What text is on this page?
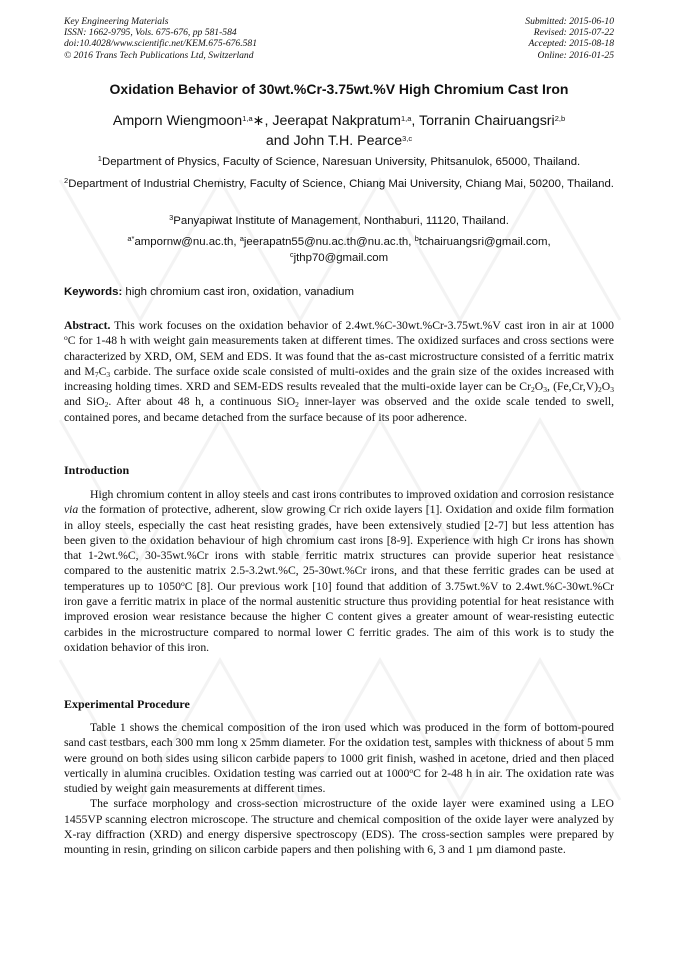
Key Engineering Materials
ISSN: 1662-9795, Vols. 675-676, pp 581-584
doi:10.4028/www.scientific.net/KEM.675-676.581
© 2016 Trans Tech Publications Ltd, Switzerland
Submitted: 2015-06-10
Revised: 2015-07-22
Accepted: 2015-08-18
Online: 2016-01-25
Oxidation Behavior of 30wt.%Cr-3.75wt.%V High Chromium Cast Iron
Amporn Wiengmoon$^{1,a}$∗, Jeerapat Nakpratum$^{1,a}$, Torranin Chairuangsri$^{2,b}$
and John T.H. Pearce$^{3,c}$
$^1$Department of Physics, Faculty of Science, Naresuan University, Phitsanulok, 65000, Thailand.
$^2$Department of Industrial Chemistry, Faculty of Science, Chiang Mai University, Chiang Mai, 50200, Thailand.
$^3$Panyapiwat Institute of Management, Nonthaburi, 11120, Thailand.
$^{a*}$ampornw@nu.ac.th, $^a$jeerapatn55@nu.ac.th@nu.ac.th, $^b$tchairuangsri@gmail.com,
$^c$jthp70@gmail.com
Keywords: high chromium cast iron, oxidation, vanadium

Abstract. This work focuses on the oxidation behavior of 2.4wt.%C-30wt.%Cr-3.75wt.%V cast iron in air at 1000 $^o$C for 1-48 h with weight gain measurements taken at different times. The oxidized surfaces and cross sections were characterized by XRD, OM, SEM and EDS. It was found that the as-cast microstructure consisted of a ferritic matrix and $M_7C_3$ carbide. The surface oxide scale consisted of multi-oxides and the grain size of the oxides increased with increasing holding times. XRD and SEM-EDS results revealed that the multi-oxide layer can be $Cr_2O_3$, $(Fe,Cr,V)_2O_3$ and SiO$_2$. After about 48 h, a continuous SiO$_2$ inner-layer was observed and the oxide scale tended to swell, contained pores, and became detached from the surface because of its poor adherence.

Introduction

High chromium content in alloy steels and cast irons contributes to improved oxidation and corrosion resistance via the formation of protective, adherent, slow growing Cr rich oxide layers [1]. Oxidation and oxide film formation in alloy steels, especially the cast heat resisting grades, have been extensively studied [2-7] but less attention has been given to the oxidation behaviour of high chromium cast irons [8-9]. Experience with high Cr irons has shown that 1-2wt.%C, 30-35wt.%Cr irons with stable ferritic matrix structures can provide superior heat resistance compared to the austenitic matrix 2.5-3.2wt.%C, 25-30wt.%Cr irons, and that these ferritic grades can be used at temperatures up to 1050$^o$C [8]. Our previous work [10] found that addition of 3.75wt.%V to 2.4wt.%C-30wt.%Cr iron gave a ferritic matrix in place of the normal austenitic structure thus providing potential for heat resistance with improved erosion wear resistance because the higher C content gives a greater amount of wear-resisting eutectic carbides in the microstructure compared to normal lower C ferritic grades. The aim of this work is to study the oxidation behavior of this iron.

Experimental Procedure

Table 1 shows the chemical composition of the iron used which was produced in the form of bottom-poured sand cast testbars, each 300 mm long x 25mm diameter. For the oxidation test, samples with thickness of about 5 mm were ground on both sides using silicon carbide papers to 1000 grit finish, washed in acetone, dried and then placed vertically in alumina crucibles. Oxidation testing was carried out at 1000$^o$C for 2-48 h in air. The oxidation rate was studied by weight gain measurements at different times.

The surface morphology and cross-section microstructure of the oxide layer were examined using a LEO 1455VP scanning electron microscope. The structure and chemical composition of the oxide layer were analyzed by X-ray diffraction (XRD) and energy dispersive spectroscopy (EDS). The cross-section samples were prepared by mounting in resin, grinding on silicon carbide papers and then polishing with 6, 3 and 1 µm diamond paste.
